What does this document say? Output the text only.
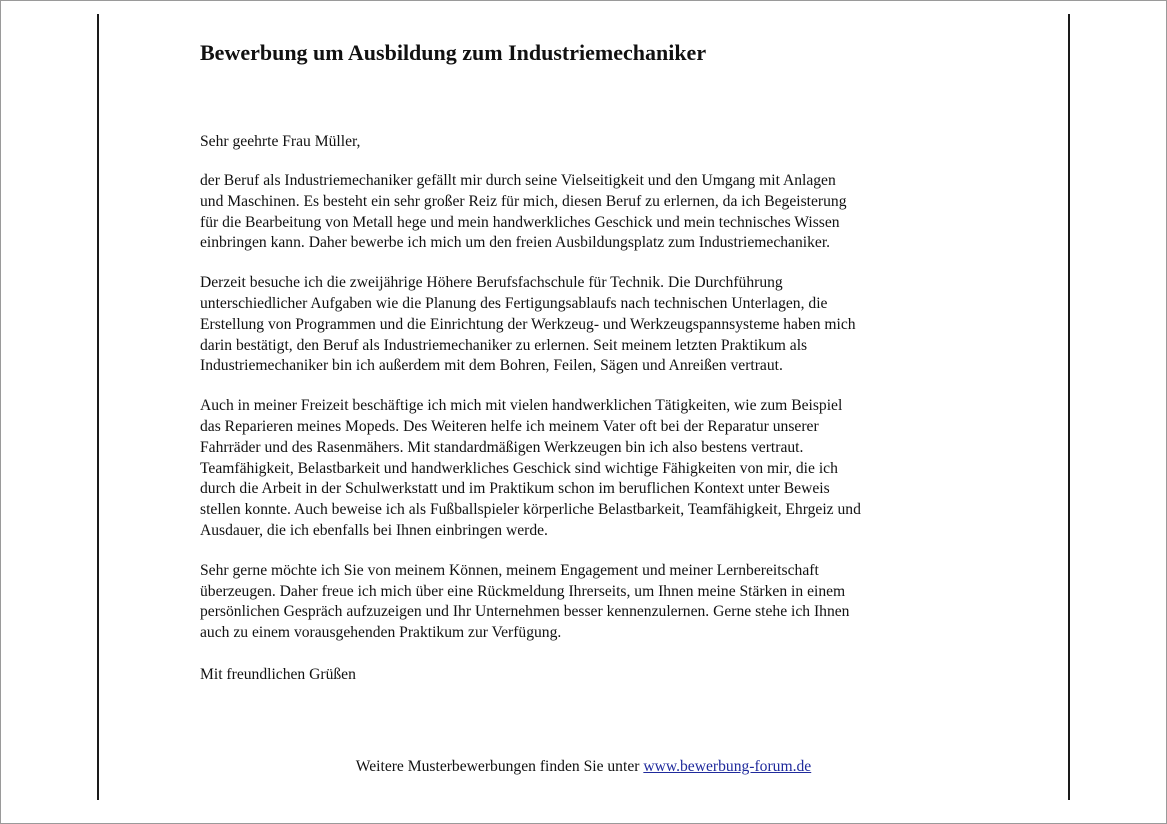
Bewerbung um Ausbildung zum Industriemechaniker

Sehr geehrte Frau Müller,

der Beruf als Industriemechaniker gefällt mir durch seine Vielseitigkeit und den Umgang mit Anlagen
und Maschinen. Es besteht ein sehr großer Reiz für mich, diesen Beruf zu erlernen, da ich Begeisterung
für die Bearbeitung von Metall hege und mein handwerkliches Geschick und mein technisches Wissen
einbringen kann. Daher bewerbe ich mich um den freien Ausbildungsplatz zum Industriemechaniker.

Derzeit besuche ich die zweijährige Höhere Berufsfachschule für Technik. Die Durchführung
unterschiedlicher Aufgaben wie die Planung des Fertigungsablaufs nach technischen Unterlagen, die
Erstellung von Programmen und die Einrichtung der Werkzeug- und Werkzeugspannsysteme haben mich
darin bestätigt, den Beruf als Industriemechaniker zu erlernen. Seit meinem letzten Praktikum als
Industriemechaniker bin ich außerdem mit dem Bohren, Feilen, Sägen und Anreißen vertraut.

Auch in meiner Freizeit beschäftige ich mich mit vielen handwerklichen Tätigkeiten, wie zum Beispiel
das Reparieren meines Mopeds. Des Weiteren helfe ich meinem Vater oft bei der Reparatur unserer
Fahrräder und des Rasenmähers. Mit standardmäßigen Werkzeugen bin ich also bestens vertraut.
Teamfähigkeit, Belastbarkeit und handwerkliches Geschick sind wichtige Fähigkeiten von mir, die ich
durch die Arbeit in der Schulwerkstatt und im Praktikum schon im beruflichen Kontext unter Beweis
stellen konnte. Auch beweise ich als Fußballspieler körperliche Belastbarkeit, Teamfähigkeit, Ehrgeiz und
Ausdauer, die ich ebenfalls bei Ihnen einbringen werde.

Sehr gerne möchte ich Sie von meinem Können, meinem Engagement und meiner Lernbereitschaft
überzeugen. Daher freue ich mich über eine Rückmeldung Ihrerseits, um Ihnen meine Stärken in einem
persönlichen Gespräch aufzuzeigen und Ihr Unternehmen besser kennenzulernen. Gerne stehe ich Ihnen
auch zu einem vorausgehenden Praktikum zur Verfügung.

Mit freundlichen Grüßen

Weitere Musterbewerbungen finden Sie unter www.bewerbung-forum.de
